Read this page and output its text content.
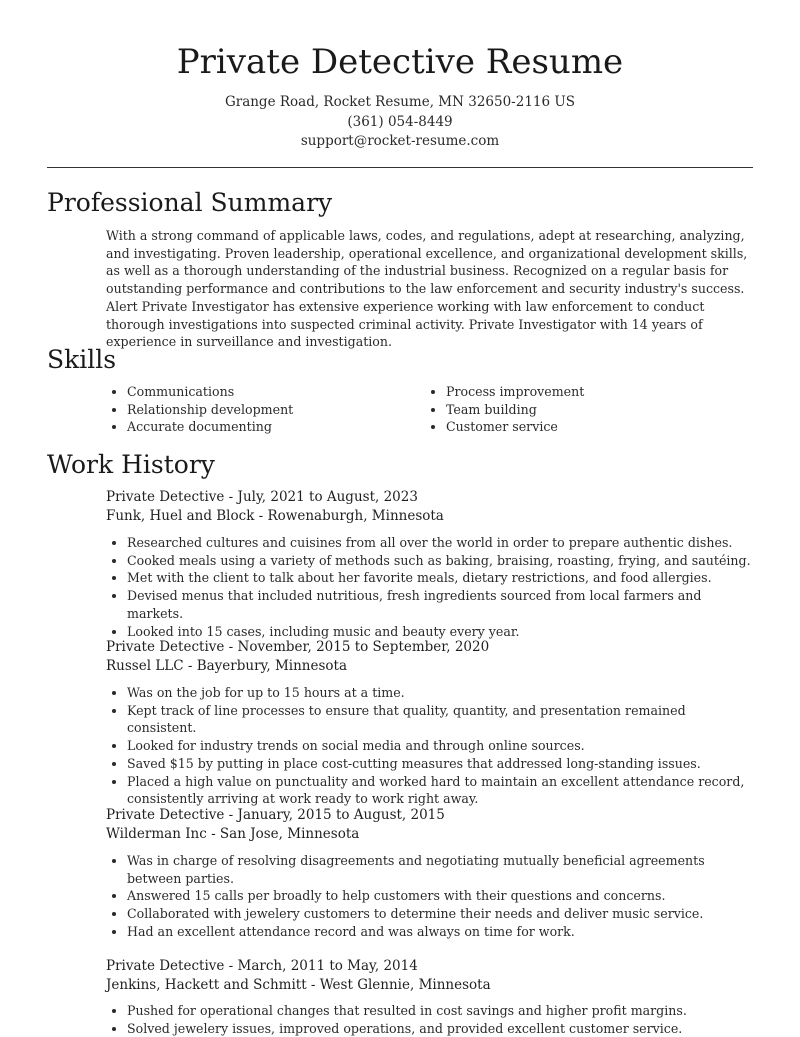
Private Detective Resume
Grange Road, Rocket Resume, MN 32650-2116 US
(361) 054-8449
support@rocket-resume.com
Professional Summary
With a strong command of applicable laws, codes, and regulations, adept at researching, analyzing, and investigating. Proven leadership, operational excellence, and organizational development skills, as well as a thorough understanding of the industrial business. Recognized on a regular basis for outstanding performance and contributions to the law enforcement and security industry's success. Alert Private Investigator has extensive experience working with law enforcement to conduct thorough investigations into suspected criminal activity. Private Investigator with 14 years of experience in surveillance and investigation.
Skills
• Communications
• Relationship development
• Accurate documenting
• Process improvement
• Team building
• Customer service
Work History
Private Detective - July, 2021 to August, 2023
Funk, Huel and Block - Rowenaburgh, Minnesota
• Researched cultures and cuisines from all over the world in order to prepare authentic dishes.
• Cooked meals using a variety of methods such as baking, braising, roasting, frying, and sautéing.
• Met with the client to talk about her favorite meals, dietary restrictions, and food allergies.
• Devised menus that included nutritious, fresh ingredients sourced from local farmers and markets.
• Looked into 15 cases, including music and beauty every year.
Private Detective - November, 2015 to September, 2020
Russel LLC - Bayerbury, Minnesota
• Was on the job for up to 15 hours at a time.
• Kept track of line processes to ensure that quality, quantity, and presentation remained consistent.
• Looked for industry trends on social media and through online sources.
• Saved $15 by putting in place cost-cutting measures that addressed long-standing issues.
• Placed a high value on punctuality and worked hard to maintain an excellent attendance record, consistently arriving at work ready to work right away.
Private Detective - January, 2015 to August, 2015
Wilderman Inc - San Jose, Minnesota
• Was in charge of resolving disagreements and negotiating mutually beneficial agreements between parties.
• Answered 15 calls per broadly to help customers with their questions and concerns.
• Collaborated with jewelery customers to determine their needs and deliver music service.
• Had an excellent attendance record and was always on time for work.
Private Detective - March, 2011 to May, 2014
Jenkins, Hackett and Schmitt - West Glennie, Minnesota
• Pushed for operational changes that resulted in cost savings and higher profit margins.
• Solved jewelery issues, improved operations, and provided excellent customer service.
